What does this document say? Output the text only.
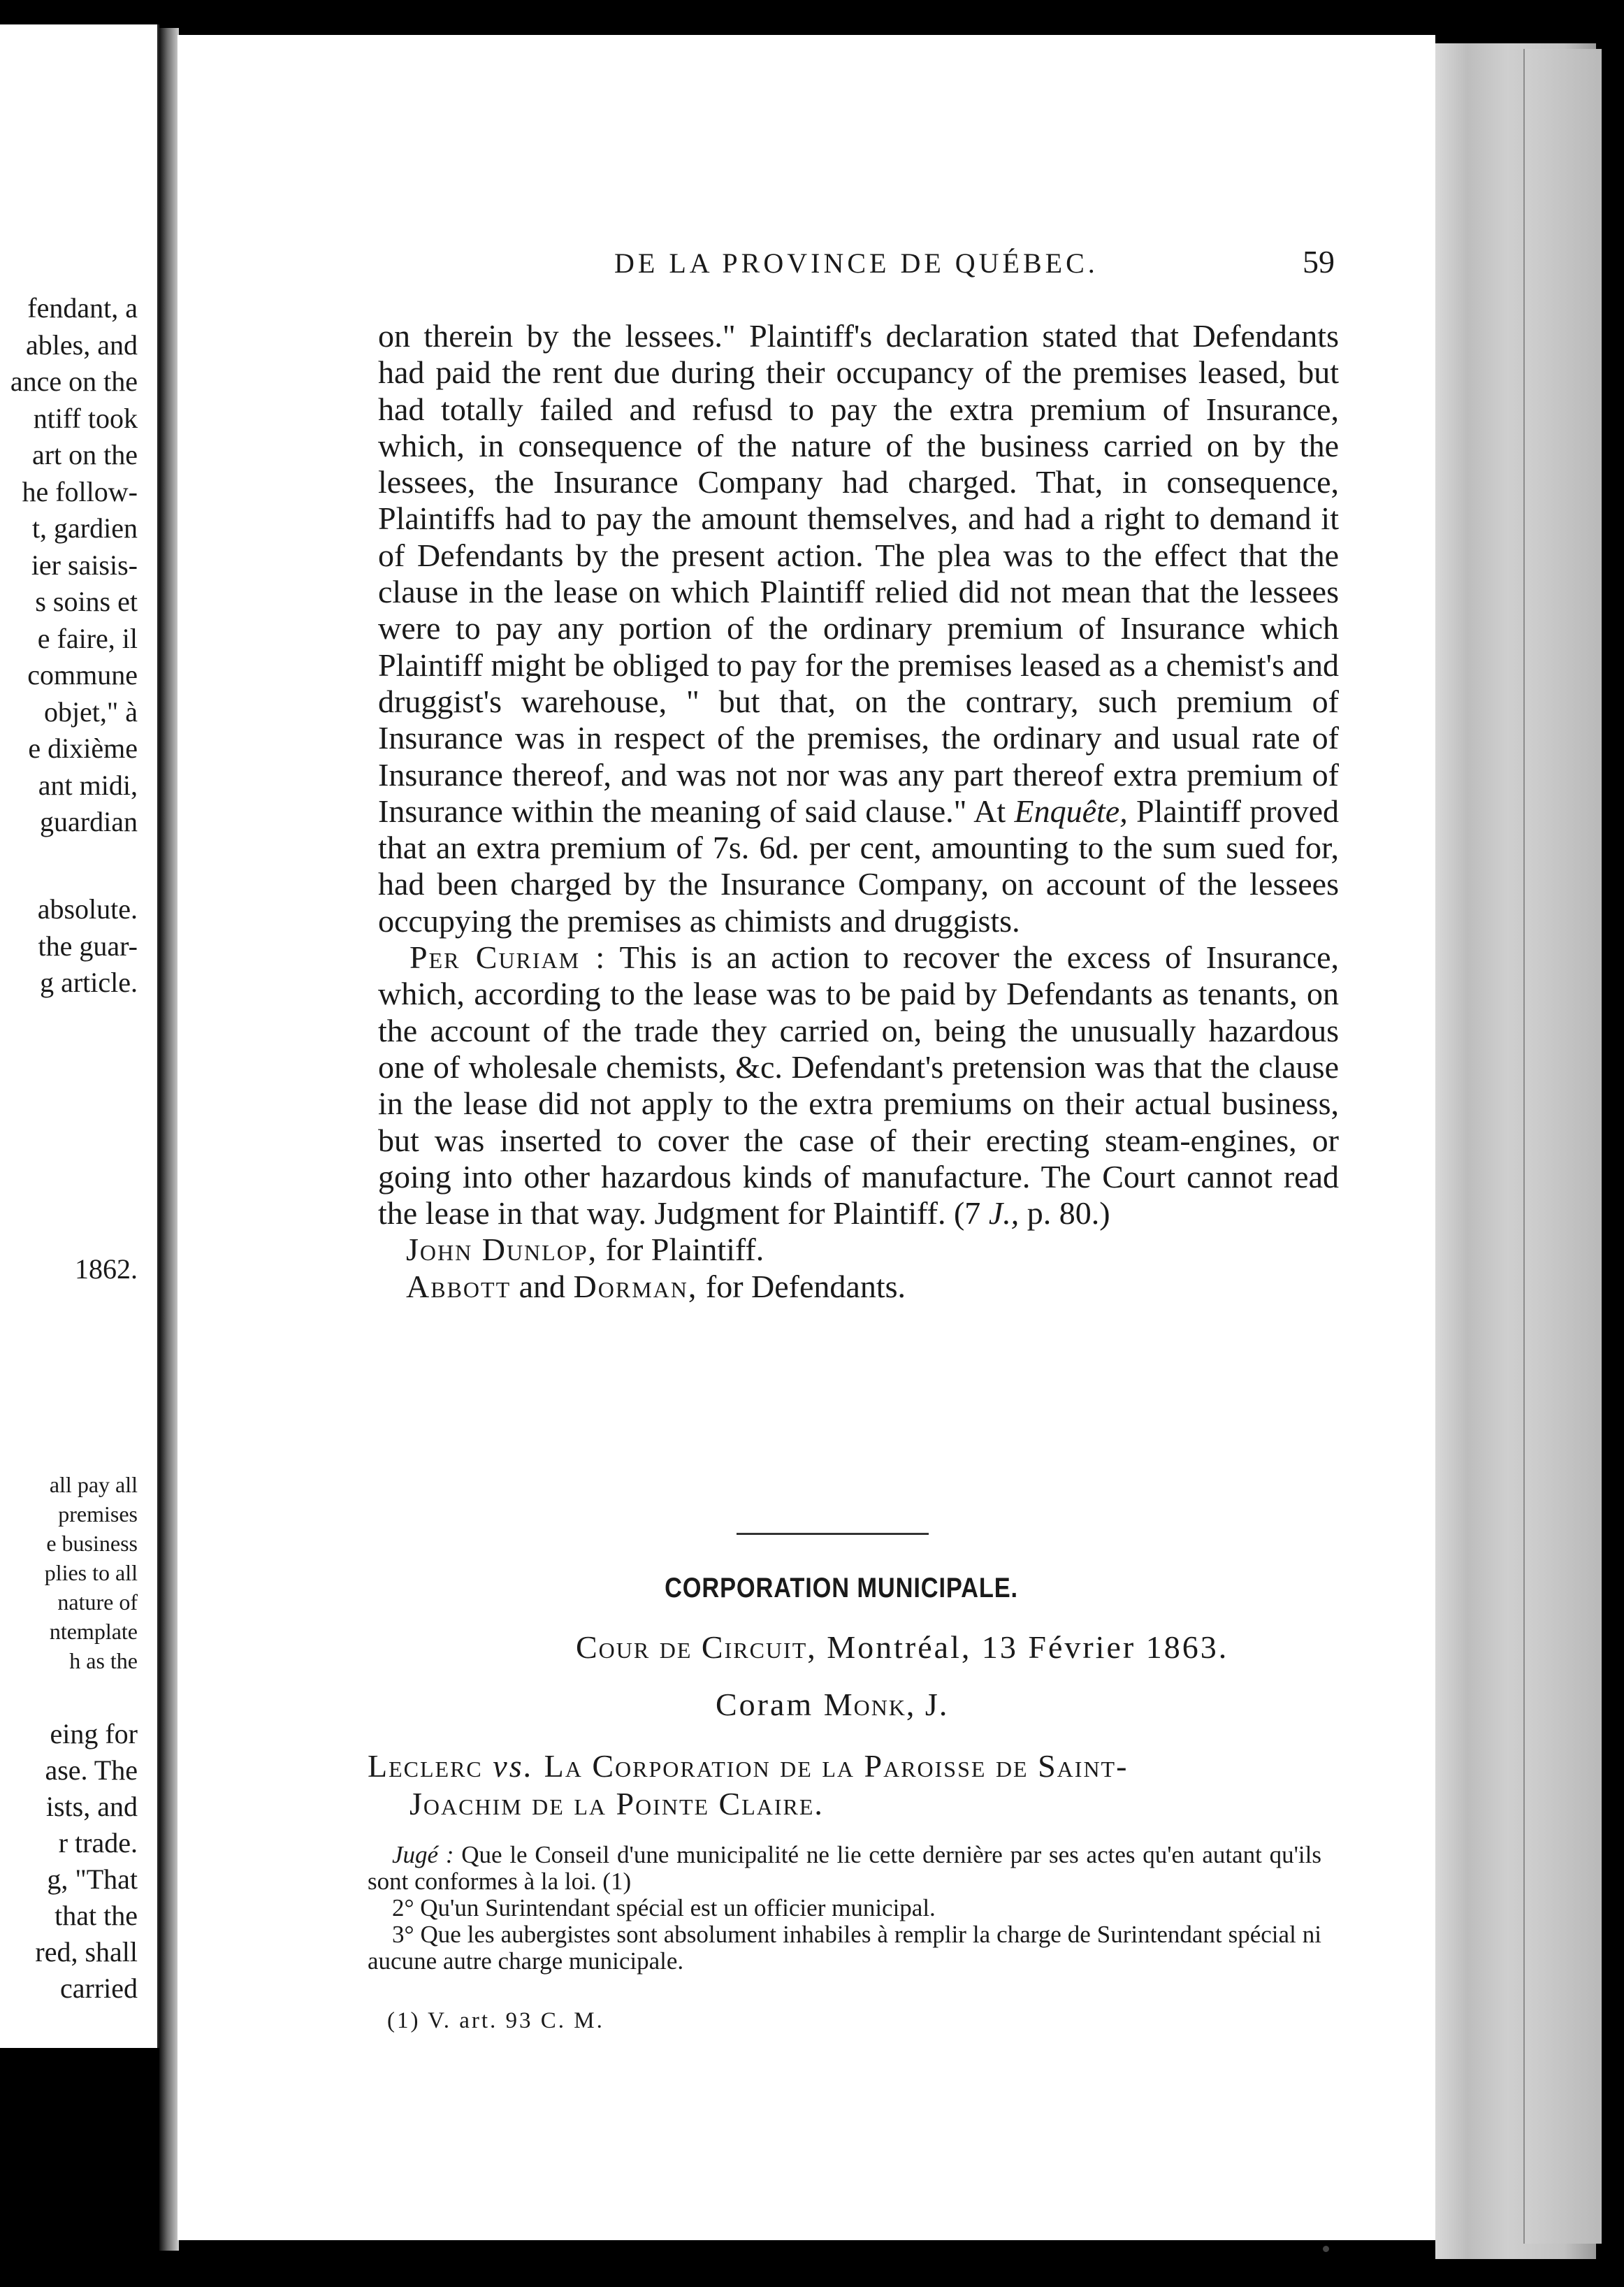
fendant, a
ables, and
ance on the
ntiff took
art on the
he follow-
t, gardien
ier saisis-
s soins et
e faire, il
commune
objet," à
e dixième
ant midi,
guardian
absolute.
the guar-
g article.
1862.
all pay all
premises
e business
plies to all
nature of
ntemplate
h as the
eing for
ase. The
ists, and
r trade.
g, "That
that the
red, shall
carried
DE LA PROVINCE DE QUÉBEC.	59

on therein by the lessees." Plaintiff's declaration stated that Defendants had paid the rent due during their occupancy of the premises leased, but had totally failed and refusd to pay the extra premium of Insurance, which, in consequence of the nature of the business carried on by the lessees, the Insurance Company had charged. That, in consequence, Plaintiffs had to pay the amount themselves, and had a right to demand it of Defendants by the present action. The plea was to the effect that the clause in the lease on which Plaintiff relied did not mean that the lessees were to pay any portion of the ordinary premium of Insurance which Plaintiff might be obliged to pay for the premises leased as a chemist's and druggist's warehouse, " but that, on the contrary, such premium of Insurance was in respect of the premises, the ordinary and usual rate of Insurance thereof, and was not nor was any part thereof extra premium of Insurance within the meaning of said clause." At Enquête, Plaintiff proved that an extra premium of 7s. 6d. per cent, amounting to the sum sued for, had been charged by the Insurance Company, on account of the lessees occupying the premises as chimists and druggists.

Per Curiam : This is an action to recover the excess of Insurance, which, according to the lease was to be paid by Defendants as tenants, on the account of the trade they carried on, being the unusually hazardous one of wholesale chemists, &c. Defendant's pretension was that the clause in the lease did not apply to the extra premiums on their actual business, but was inserted to cover the case of their erecting steam-engines, or going into other hazardous kinds of manufacture. The Court cannot read the lease in that way. Judgment for Plaintiff. (7 J., p. 80.)

John Dunlop, for Plaintiff.

Abbott and Dorman, for Defendants.

CORPORATION MUNICIPALE.
Cour de Circuit, Montréal, 13 Février 1863.
Coram Monk, J.
Leclerc vs. La Corporation de la Paroisse de Saint-
Joachim de la Pointe Claire.

Jugé : Que le Conseil d'une municipalité ne lie cette dernière par ses actes qu'en autant qu'ils sont conformes à la loi. (1)

2° Qu'un Surintendant spécial est un officier municipal.

3° Que les aubergistes sont absolument inhabiles à remplir la charge de Surintendant spécial ni aucune autre charge municipale.

(1) V. art. 93 C. M.
